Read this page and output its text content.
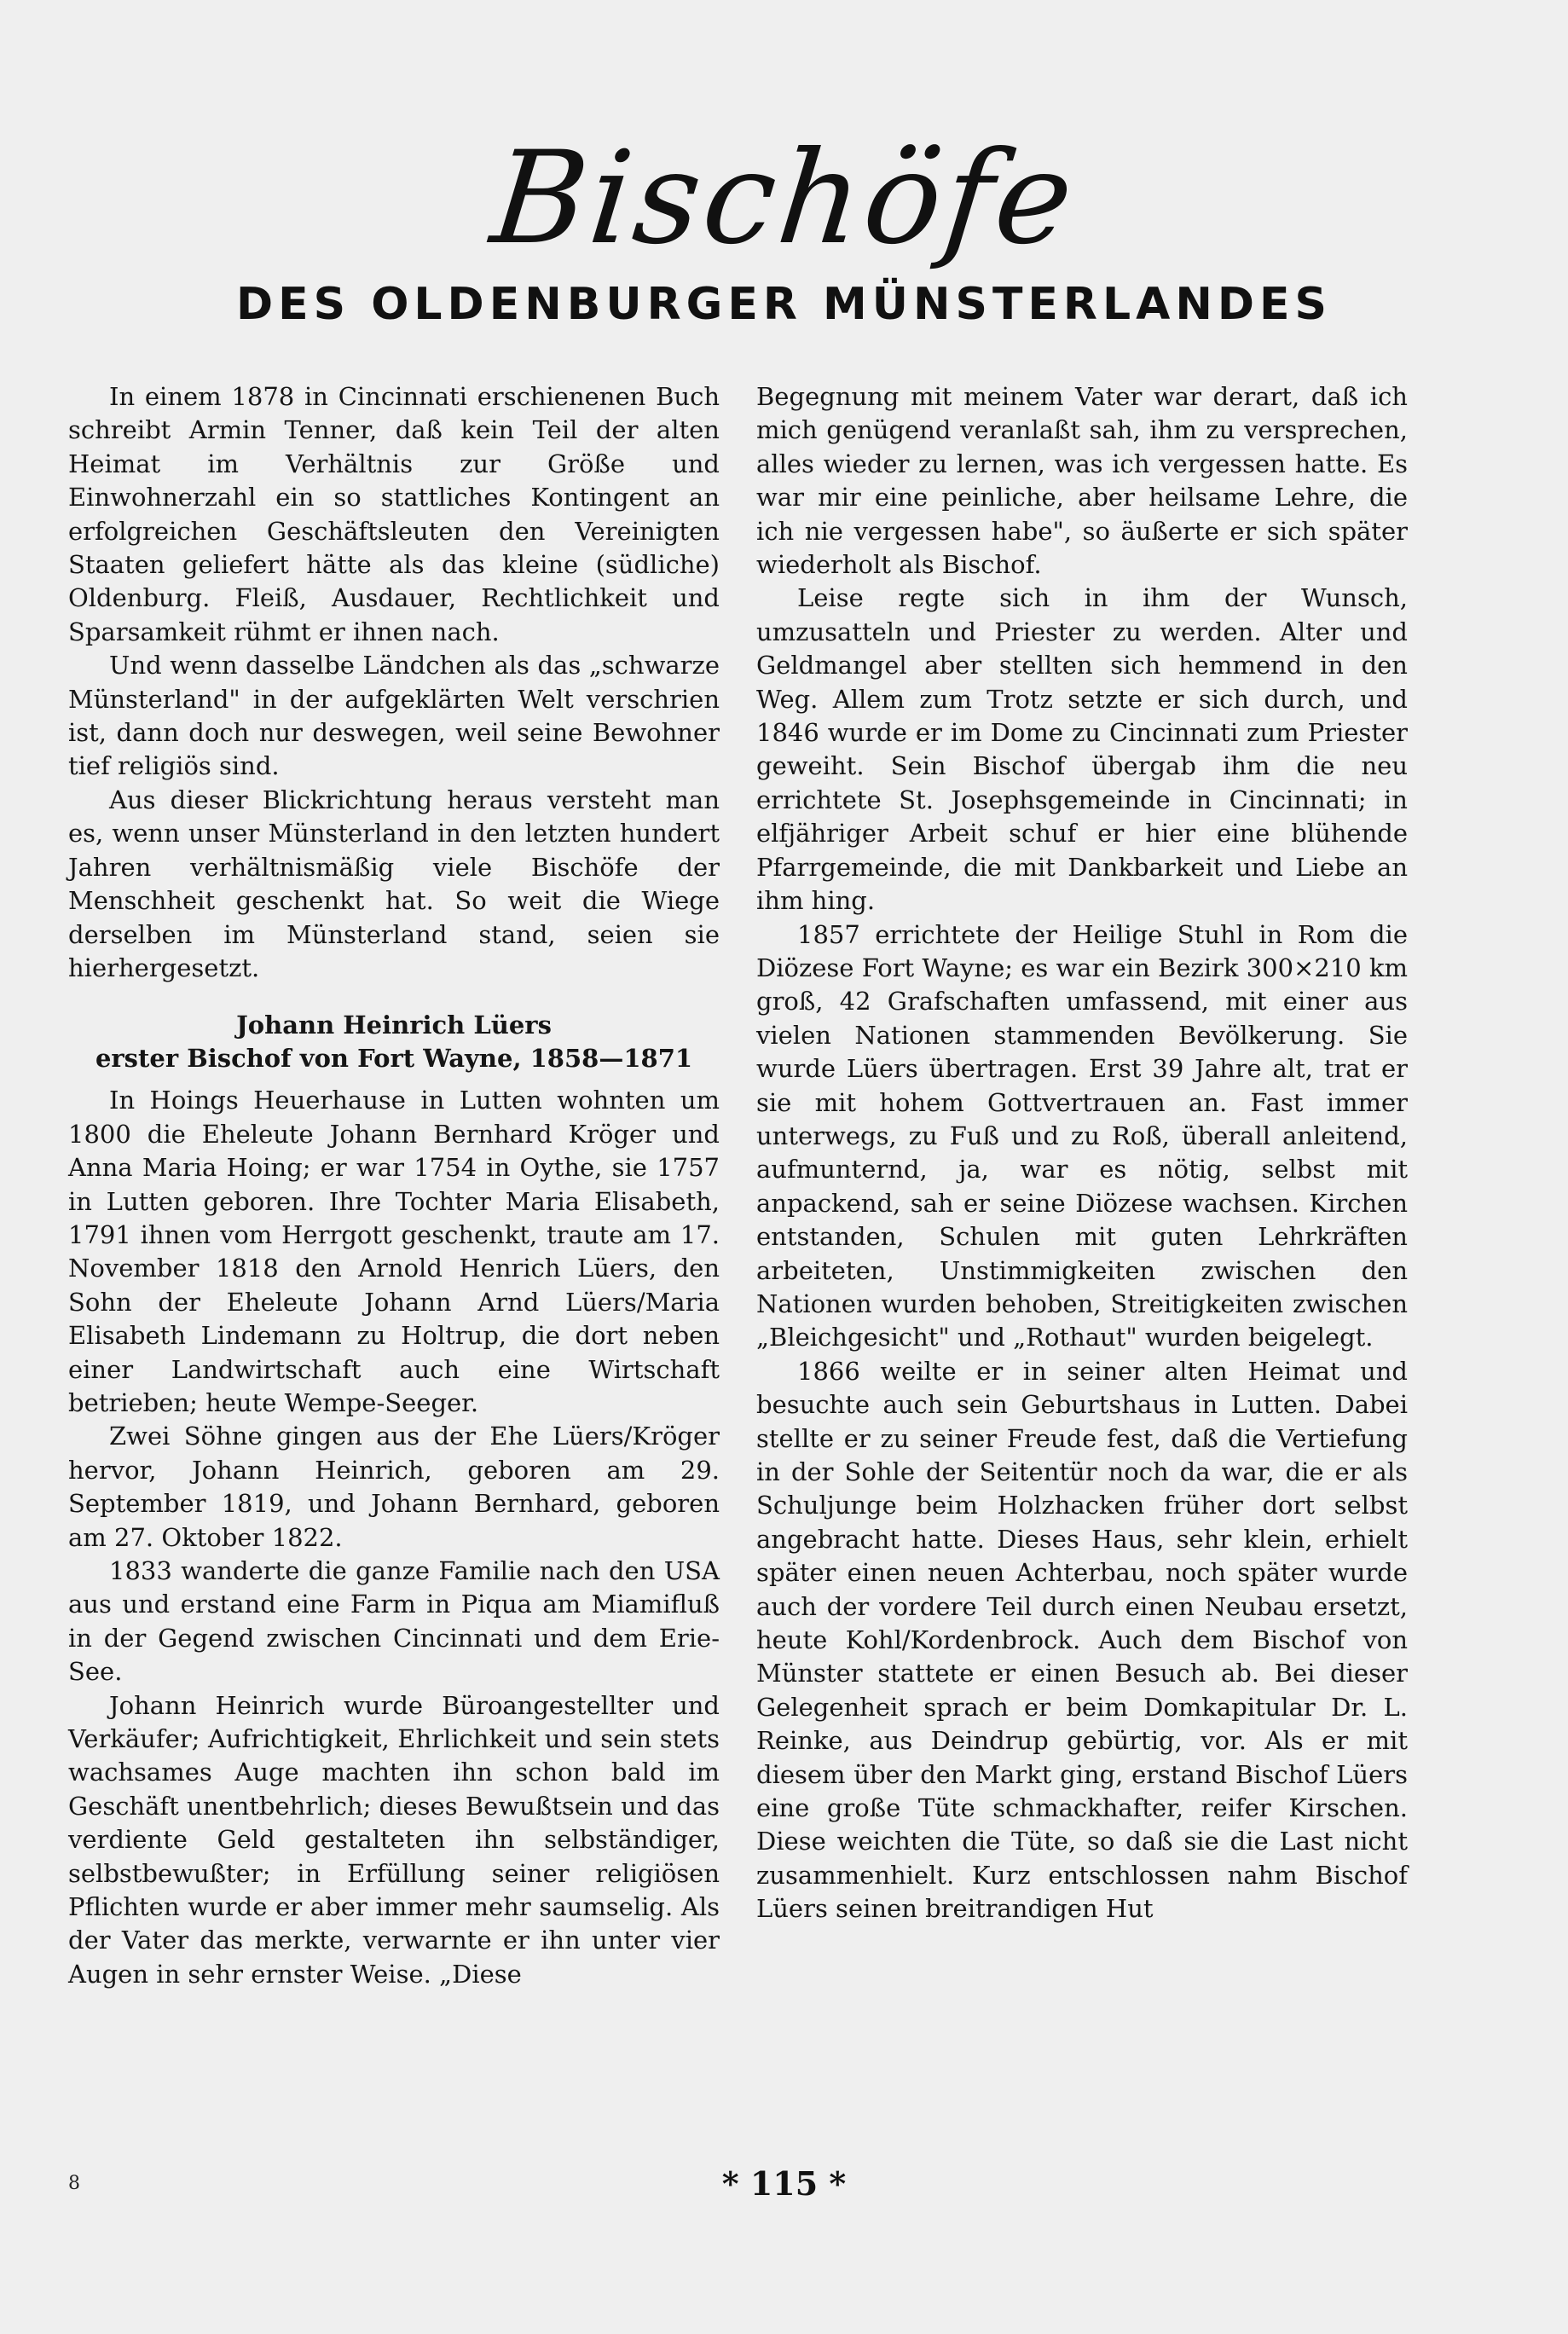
Bischöfe
DES OLDENBURGER MÜNSTERLANDES

In einem 1878 in Cincinnati erschienenen Buch schreibt Armin Tenner, daß kein Teil der alten Heimat im Verhältnis zur Größe und Einwohnerzahl ein so stattliches Kontingent an erfolgreichen Geschäftsleuten den Vereinigten Staaten geliefert hätte als das kleine (südliche) Oldenburg. Fleiß, Ausdauer, Rechtlichkeit und Sparsamkeit rühmt er ihnen nach.

Und wenn dasselbe Ländchen als das „schwarze Münsterland" in der aufgeklärten Welt verschrien ist, dann doch nur deswegen, weil seine Bewohner tief religiös sind.

Aus dieser Blickrichtung heraus versteht man es, wenn unser Münsterland in den letzten hundert Jahren verhältnismäßig viele Bischöfe der Menschheit geschenkt hat. So weit die Wiege derselben im Münsterland stand, seien sie hierhergesetzt.

Johann Heinrich Lüers
erster Bischof von Fort Wayne, 1858—1871

In Hoings Heuerhause in Lutten wohnten um 1800 die Eheleute Johann Bernhard Kröger und Anna Maria Hoing; er war 1754 in Oythe, sie 1757 in Lutten geboren. Ihre Tochter Maria Elisabeth, 1791 ihnen vom Herrgott geschenkt, traute am 17. November 1818 den Arnold Henrich Lüers, den Sohn der Eheleute Johann Arnd Lüers/Maria Elisabeth Lindemann zu Holtrup, die dort neben einer Landwirtschaft auch eine Wirtschaft betrieben; heute Wempe-Seeger.

Zwei Söhne gingen aus der Ehe Lüers/Kröger hervor, Johann Heinrich, geboren am 29. September 1819, und Johann Bernhard, geboren am 27. Oktober 1822.

1833 wanderte die ganze Familie nach den USA aus und erstand eine Farm in Piqua am Miamifluß in der Gegend zwischen Cincinnati und dem Erie-See.

Johann Heinrich wurde Büroangestellter und Verkäufer; Aufrichtigkeit, Ehrlichkeit und sein stets wachsames Auge machten ihn schon bald im Geschäft unentbehrlich; dieses Bewußtsein und das verdiente Geld gestalteten ihn selbständiger, selbstbewußter; in Erfüllung seiner religiösen Pflichten wurde er aber immer mehr saumselig. Als der Vater das merkte, verwarnte er ihn unter vier Augen in sehr ernster Weise. „Diese

Begegnung mit meinem Vater war derart, daß ich mich genügend veranlaßt sah, ihm zu versprechen, alles wieder zu lernen, was ich vergessen hatte. Es war mir eine peinliche, aber heilsame Lehre, die ich nie vergessen habe", so äußerte er sich später wiederholt als Bischof.

Leise regte sich in ihm der Wunsch, umzusatteln und Priester zu werden. Alter und Geldmangel aber stellten sich hemmend in den Weg. Allem zum Trotz setzte er sich durch, und 1846 wurde er im Dome zu Cincinnati zum Priester geweiht. Sein Bischof übergab ihm die neu errichtete St. Josephsgemeinde in Cincinnati; in elfjähriger Arbeit schuf er hier eine blühende Pfarrgemeinde, die mit Dankbarkeit und Liebe an ihm hing.

1857 errichtete der Heilige Stuhl in Rom die Diözese Fort Wayne; es war ein Bezirk 300×210 km groß, 42 Grafschaften umfassend, mit einer aus vielen Nationen stammenden Bevölkerung. Sie wurde Lüers übertragen. Erst 39 Jahre alt, trat er sie mit hohem Gottvertrauen an. Fast immer unterwegs, zu Fuß und zu Roß, überall anleitend, aufmunternd, ja, war es nötig, selbst mit anpackend, sah er seine Diözese wachsen. Kirchen entstanden, Schulen mit guten Lehrkräften arbeiteten, Unstimmigkeiten zwischen den Nationen wurden behoben, Streitigkeiten zwischen „Bleichgesicht" und „Rothaut" wurden beigelegt.

1866 weilte er in seiner alten Heimat und besuchte auch sein Geburtshaus in Lutten. Dabei stellte er zu seiner Freude fest, daß die Vertiefung in der Sohle der Seitentür noch da war, die er als Schuljunge beim Holzhacken früher dort selbst angebracht hatte. Dieses Haus, sehr klein, erhielt später einen neuen Achterbau, noch später wurde auch der vordere Teil durch einen Neubau ersetzt, heute Kohl/Kordenbrock. Auch dem Bischof von Münster stattete er einen Besuch ab. Bei dieser Gelegenheit sprach er beim Domkapitular Dr. L. Reinke, aus Deindrup gebürtig, vor. Als er mit diesem über den Markt ging, erstand Bischof Lüers eine große Tüte schmackhafter, reifer Kirschen. Diese weichten die Tüte, so daß sie die Last nicht zusammenhielt. Kurz entschlossen nahm Bischof Lüers seinen breitrandigen Hut

8	* 115 *
